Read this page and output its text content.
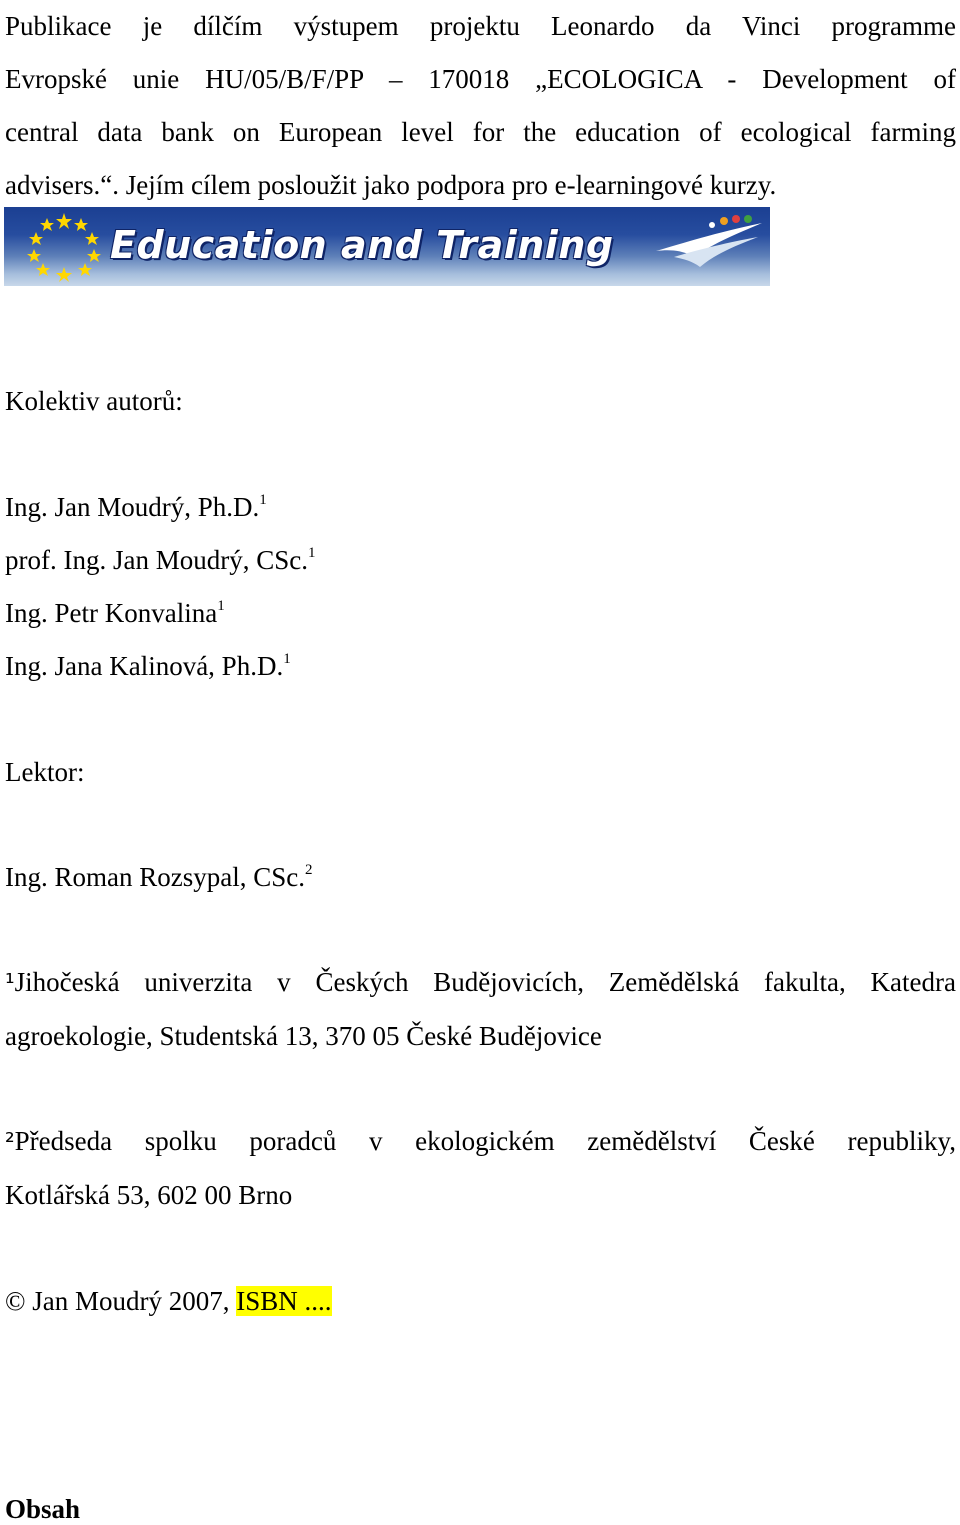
Publikace je dílčím výstupem projektu Leonardo da Vinci programme
Evropské unie HU/05/B/F/PP – 170018 „ECOLOGICA - Development of
central data bank on European level for the education of ecological farming
advisers.“. Jejím cílem posloužit jako podpora pro e-learningové kurzy.
Education and Training

Kolektiv autorů:

Ing. Jan Moudrý, Ph.D.$^1$

prof. Ing. Jan Moudrý, CSc.$^1$

Ing. Petr Konvalina$^1$

Ing. Jana Kalinová, Ph.D.$^1$

Lektor:

Ing. Roman Rozsypal, CSc.$^2$

¹Jihočeská univerzita v Českých Budějovicích, Zemědělská fakulta, Katedra
agroekologie, Studentská 13, 370 05 České Budějovice
²Předseda spolku poradců v ekologickém zemědělství České republiky,
Kotlářská 53, 602 00 Brno

© Jan Moudrý 2007, ISBN ....

Obsah
